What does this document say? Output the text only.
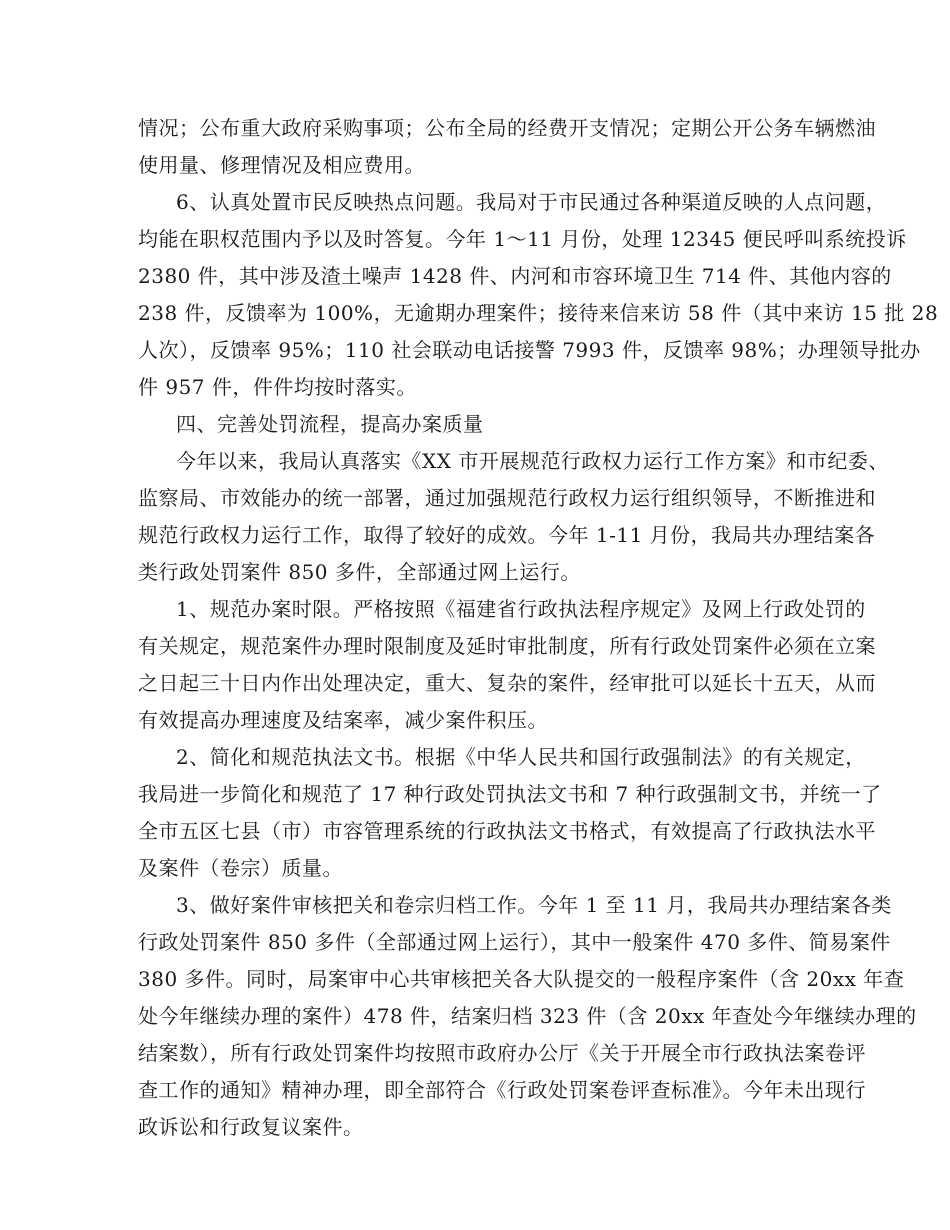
情况；公布重大政府采购事项；公布全局的经费开支情况；定期公开公务车辆燃油
使用量、修理情况及相应费用。
6、认真处置市民反映热点问题。我局对于市民通过各种渠道反映的人点问题，
均能在职权范围内予以及时答复。今年 1～11 月份，处理 12345 便民呼叫系统投诉
2380 件，其中涉及渣土噪声 1428 件、内河和市容环境卫生 714 件、其他内容的
238 件，反馈率为 100%，无逾期办理案件；接待来信来访 58 件（其中来访 15 批 28
人次），反馈率 95%；110 社会联动电话接警 7993 件，反馈率 98%；办理领导批办
件 957 件，件件均按时落实。
四、完善处罚流程，提高办案质量
今年以来，我局认真落实《XX 市开展规范行政权力运行工作方案》和市纪委、
监察局、市效能办的统一部署，通过加强规范行政权力运行组织领导，不断推进和
规范行政权力运行工作，取得了较好的成效。今年 1-11 月份，我局共办理结案各
类行政处罚案件 850 多件，全部通过网上运行。
1、规范办案时限。严格按照《福建省行政执法程序规定》及网上行政处罚的
有关规定，规范案件办理时限制度及延时审批制度，所有行政处罚案件必须在立案
之日起三十日内作出处理决定，重大、复杂的案件，经审批可以延长十五天，从而
有效提高办理速度及结案率，减少案件积压。
2、简化和规范执法文书。根据《中华人民共和国行政强制法》的有关规定，
我局进一步简化和规范了 17 种行政处罚执法文书和 7 种行政强制文书，并统一了
全市五区七县（市）市容管理系统的行政执法文书格式，有效提高了行政执法水平
及案件（卷宗）质量。
3、做好案件审核把关和卷宗归档工作。今年 1 至 11 月，我局共办理结案各类
行政处罚案件 850 多件（全部通过网上运行），其中一般案件 470 多件、简易案件
380 多件。同时，局案审中心共审核把关各大队提交的一般程序案件（含 20xx 年查
处今年继续办理的案件）478 件，结案归档 323 件（含 20xx 年查处今年继续办理的
结案数），所有行政处罚案件均按照市政府办公厅《关于开展全市行政执法案卷评
查工作的通知》精神办理，即全部符合《行政处罚案卷评查标准》。今年未出现行
政诉讼和行政复议案件。
